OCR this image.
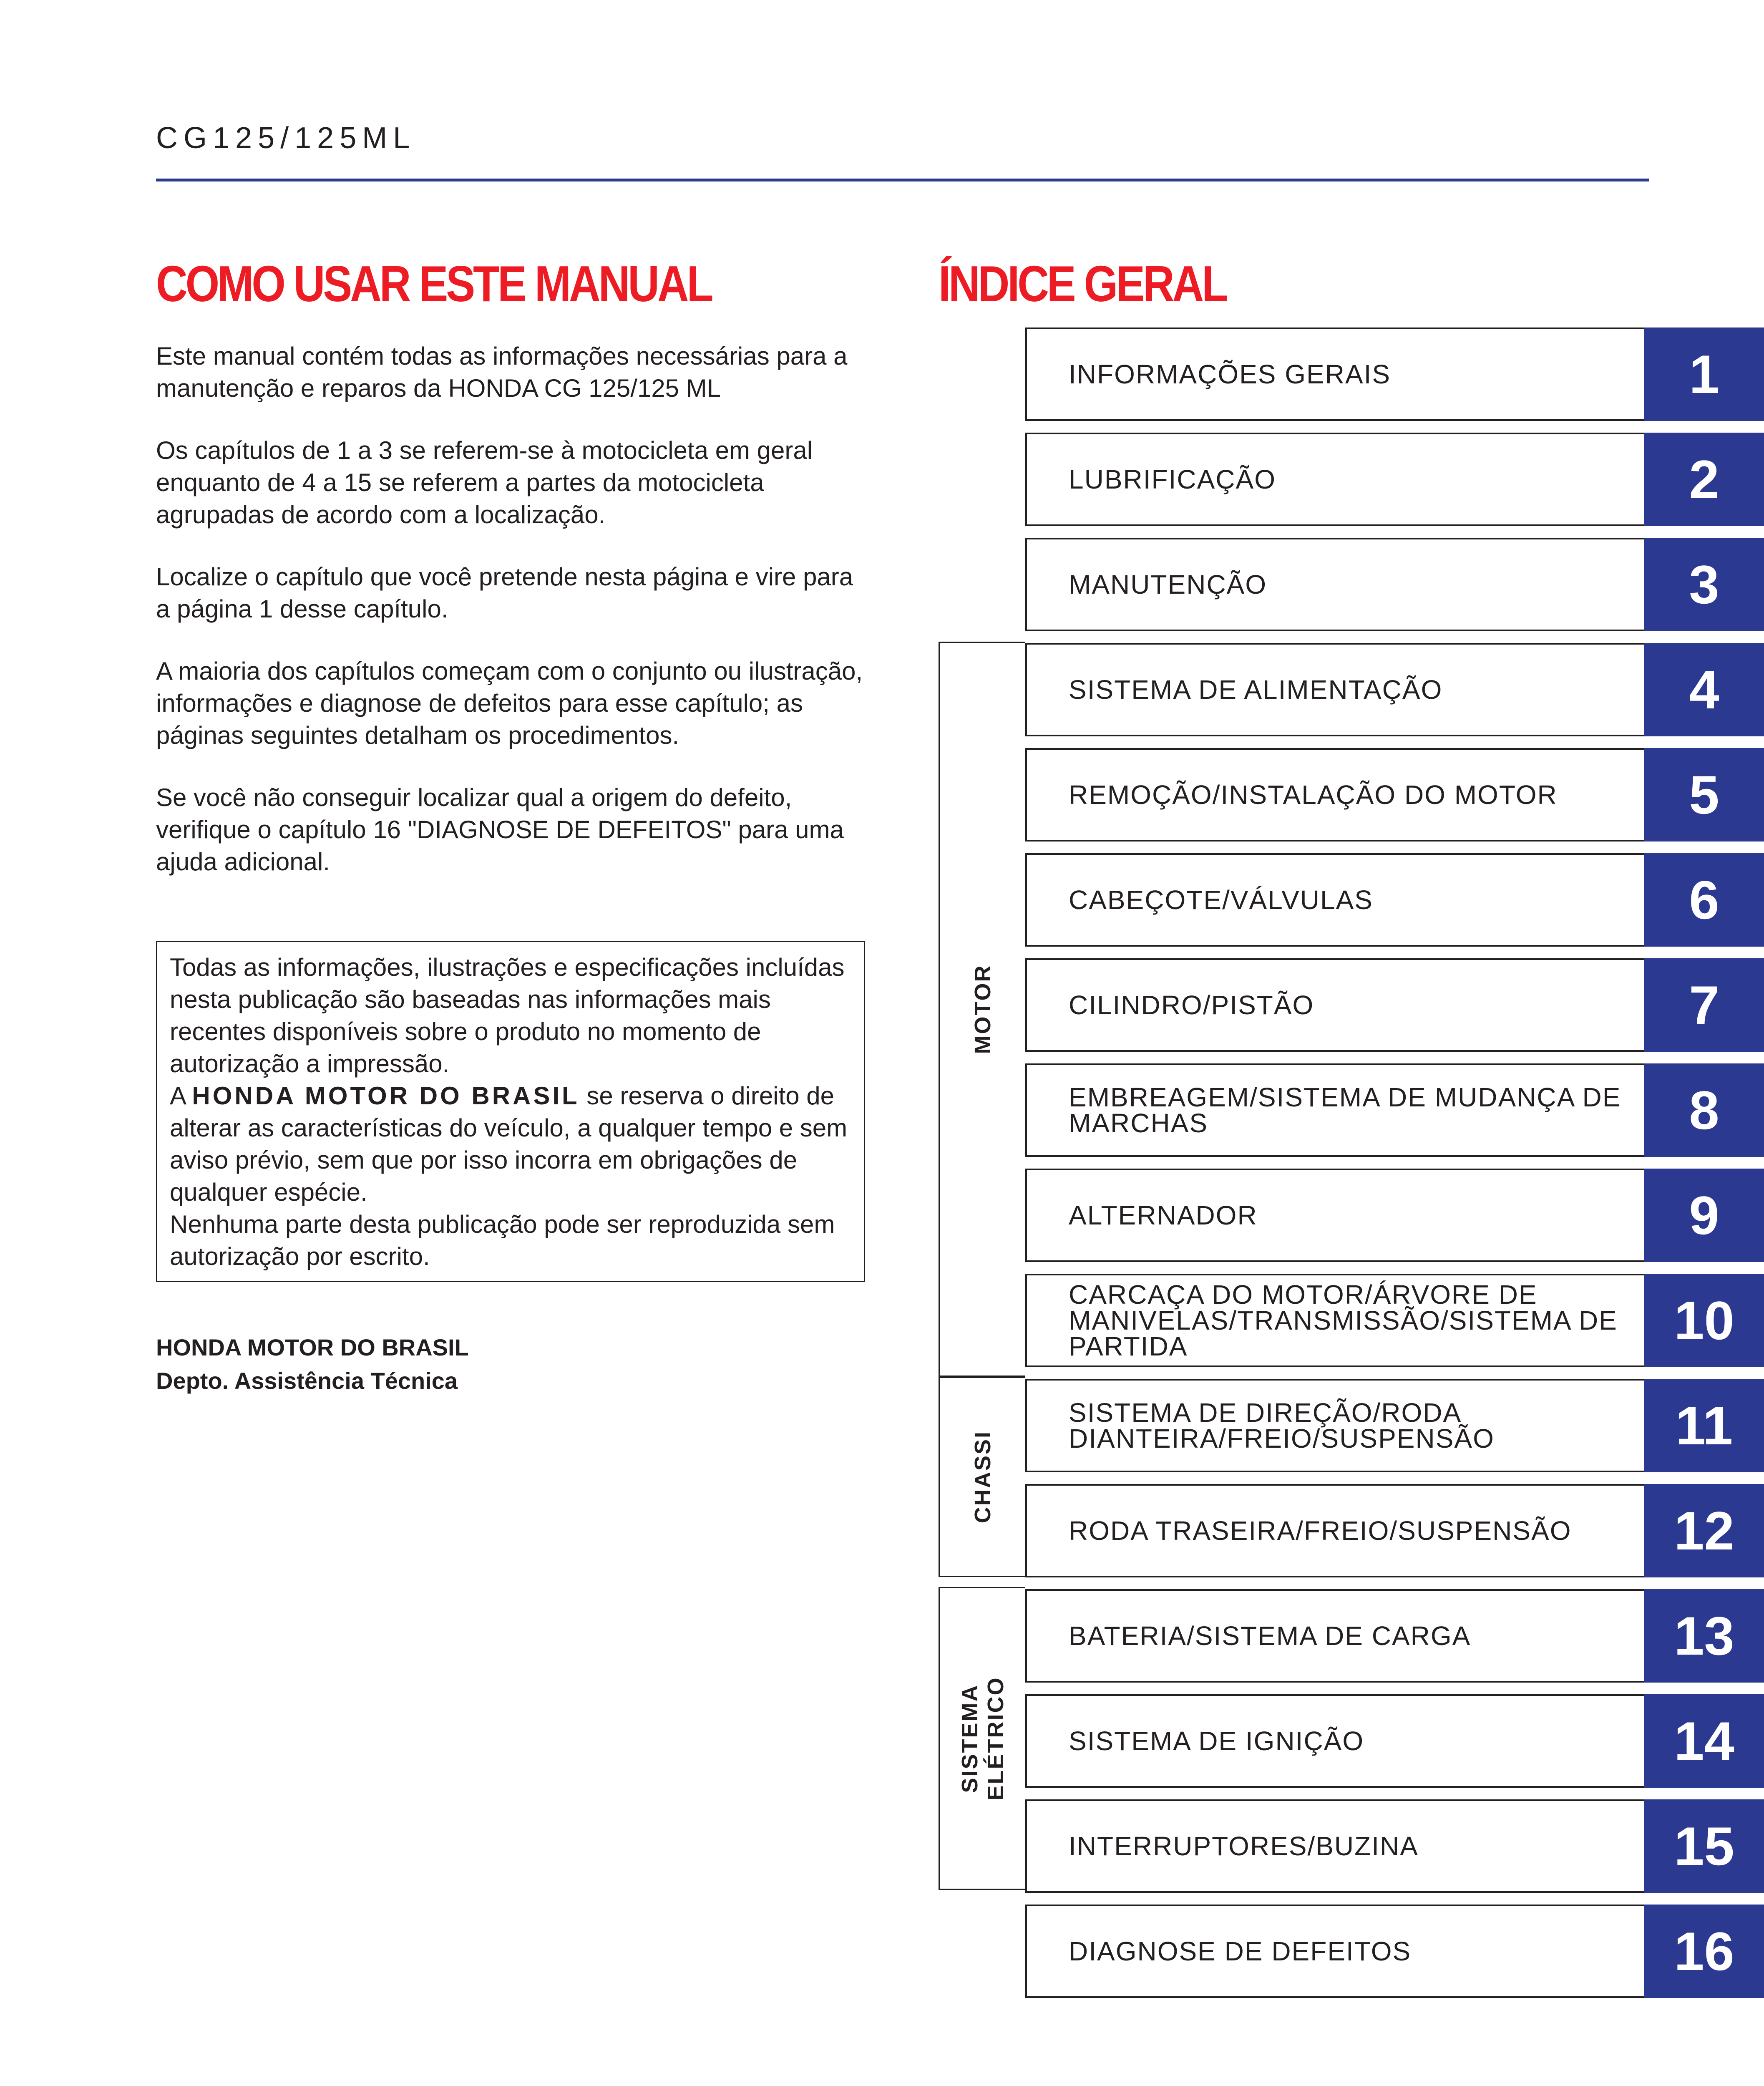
CG125/125ML
COMO USAR ESTE MANUAL	ÍNDICE GERAL

Este manual contém todas as informações necessárias para a manutenção e reparos da HONDA CG 125/125 ML

Os capítulos de 1 a 3 se referem-se à motocicleta em geral enquanto de 4 a 15 se referem a partes da motocicleta agrupadas de acordo com a localização.

Localize o capítulo que você pretende nesta página e vire para a página 1 desse capítulo.

A maioria dos capítulos começam com o conjunto ou ilustração, informações e diagnose de defeitos para esse capítulo; as páginas seguintes detalham os procedimentos.

Se você não conseguir localizar qual a origem do defeito, verifique o capítulo 16 "DIAGNOSE DE DEFEITOS" para uma ajuda adicional.

Todas as informações, ilustrações e especificações incluídas nesta publicação são baseadas nas informações mais recentes disponíveis sobre o produto no momento de autorização a impressão.
A HONDA MOTOR DO BRASIL se reserva o direito de alterar as características do veículo, a qualquer tempo e sem aviso prévio, sem que por isso incorra em obrigações de qualquer espécie.
Nenhuma parte desta publicação pode ser reproduzida sem autorização por escrito.
HONDA MOTOR DO BRASIL
Depto. Assistência Técnica
MOTOR
CHASSI
SISTEMA
ELÉTRICO
INFORMAÇÕES GERAIS	1
LUBRIFICAÇÃO	2
MANUTENÇÃO	3
SISTEMA DE ALIMENTAÇÃO	4
REMOÇÃO/INSTALAÇÃO DO MOTOR	5
CABEÇOTE/VÁLVULAS	6
CILINDRO/PISTÃO	7
EMBREAGEM/SISTEMA DE MUDANÇA DE MARCHAS	8
ALTERNADOR	9
CARCAÇA DO MOTOR/ÁRVORE DE MANIVELAS/TRANSMISSÃO/SISTEMA DE PARTIDA	10
SISTEMA DE DIREÇÃO/RODA DIANTEIRA/FREIO/SUSPENSÃO	11
RODA TRASEIRA/FREIO/SUSPENSÃO	12
BATERIA/SISTEMA DE CARGA	13
SISTEMA DE IGNIÇÃO	14
INTERRUPTORES/BUZINA	15
DIAGNOSE DE DEFEITOS	16
